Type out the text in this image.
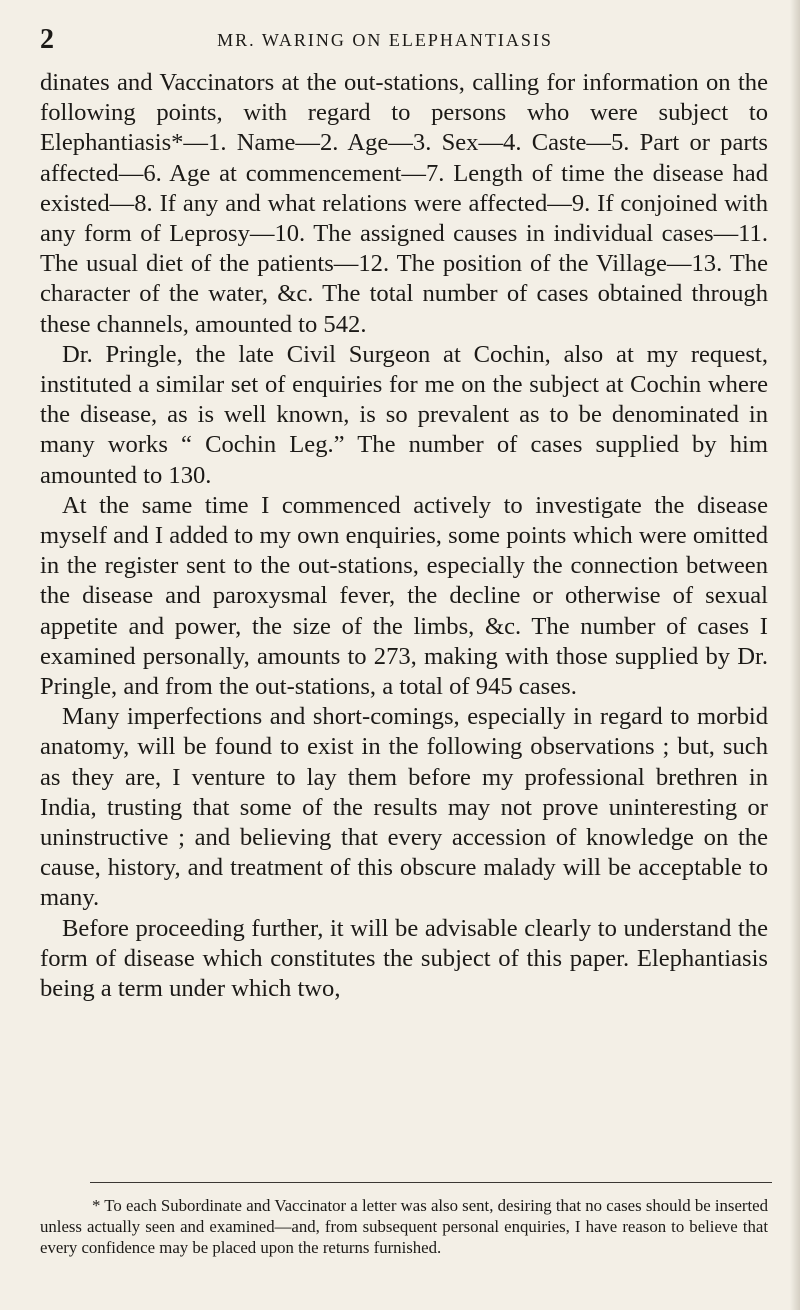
2	MR. WARING ON ELEPHANTIASIS

dinates and Vaccinators at the out-stations, calling for information on the following points, with regard to persons who were subject to Elephantiasis*—1. Name—2. Age—3. Sex—4. Caste—5. Part or parts affected—6. Age at commencement—7. Length of time the disease had existed—8. If any and what relations were affected—9. If conjoined with any form of Leprosy—10. The assigned causes in individual cases—11. The usual diet of the patients—12. The position of the Village—13. The character of the water, &c. The total number of cases obtained through these channels, amounted to 542.

Dr. Pringle, the late Civil Surgeon at Cochin, also at my request, instituted a similar set of enquiries for me on the subject at Cochin where the disease, as is well known, is so prevalent as to be denominated in many works “ Cochin Leg.” The number of cases supplied by him amounted to 130.

At the same time I commenced actively to investigate the disease myself and I added to my own enquiries, some points which were omitted in the register sent to the out-stations, especially the connection between the disease and paroxysmal fever, the decline or otherwise of sexual appetite and power, the size of the limbs, &c. The number of cases I examined personally, amounts to 273, making with those supplied by Dr. Pringle, and from the out-stations, a total of 945 cases.

Many imperfections and short-comings, especially in regard to morbid anatomy, will be found to exist in the following observations ; but, such as they are, I venture to lay them before my professional brethren in India, trusting that some of the results may not prove uninteresting or uninstructive ; and believing that every accession of knowledge on the cause, history, and treatment of this obscure malady will be acceptable to many.

Before proceeding further, it will be advisable clearly to understand the form of disease which constitutes the subject of this paper. Elephantiasis being a term under which two,

* To each Subordinate and Vaccinator a letter was also sent, desiring that no cases should be inserted unless actually seen and examined—and, from subsequent personal enquiries, I have reason to believe that every confidence may be placed upon the returns furnished.
